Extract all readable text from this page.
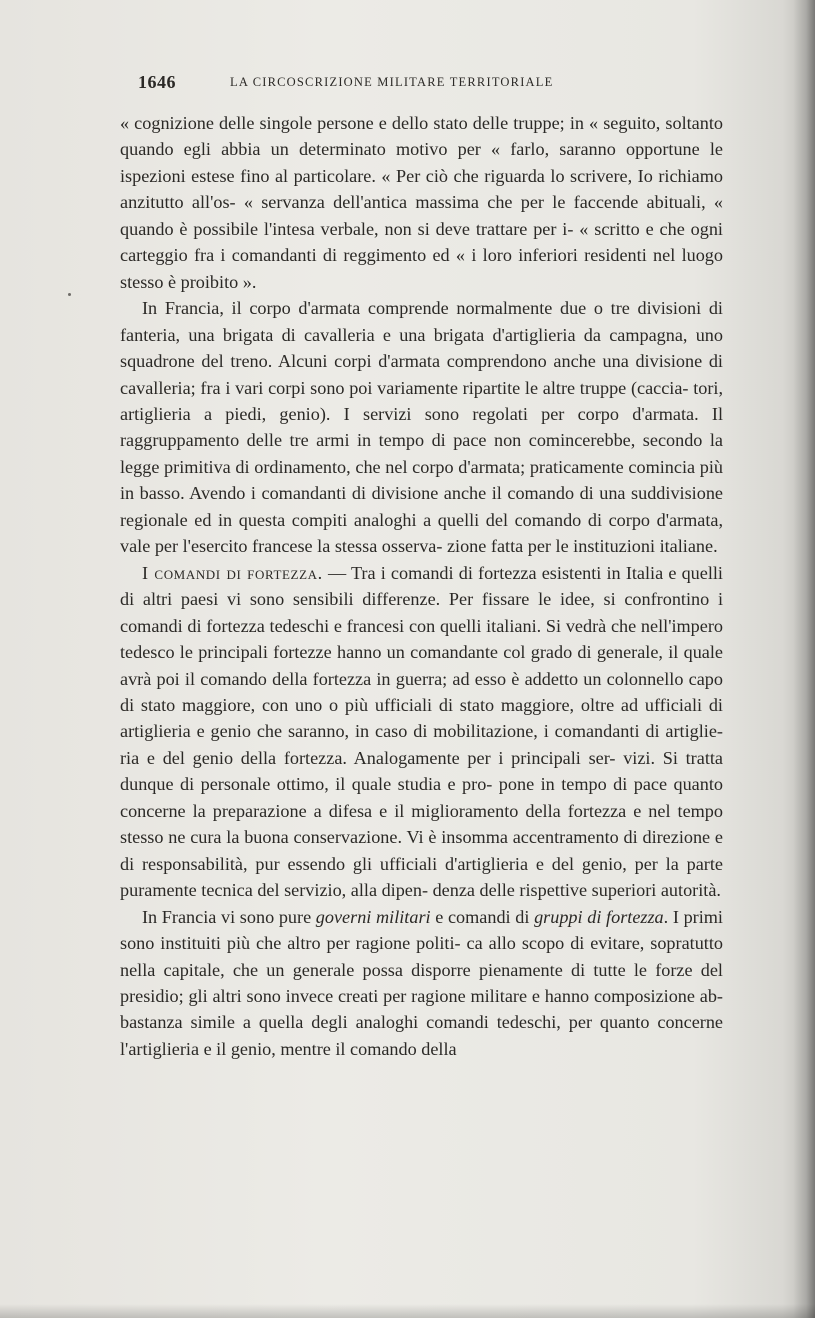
1646	LA CIRCOSCRIZIONE MILITARE TERRITORIALE

« cognizione delle singole persone e dello stato delle truppe; in « seguito, soltanto quando egli abbia un determinato motivo per « farlo, saranno opportune le ispezioni estese fino al particolare. « Per ciò che riguarda lo scrivere, Io richiamo anzitutto all'os- « servanza dell'antica massima che per le faccende abituali, « quando è possibile l'intesa verbale, non si deve trattare per i- « scritto e che ogni carteggio fra i comandanti di reggimento ed « i loro inferiori residenti nel luogo stesso è proibito ».

In Francia, il corpo d'armata comprende normalmente due o tre divisioni di fanteria, una brigata di cavalleria e una brigata d'artiglieria da campagna, uno squadrone del treno. Alcuni corpi d'armata comprendono anche una divisione di cavalleria; fra i vari corpi sono poi variamente ripartite le altre truppe (caccia- tori, artiglieria a piedi, genio). I servizi sono regolati per corpo d'armata. Il raggruppamento delle tre armi in tempo di pace non comincerebbe, secondo la legge primitiva di ordinamento, che nel corpo d'armata; praticamente comincia più in basso. Avendo i comandanti di divisione anche il comando di una suddivisione regionale ed in questa compiti analoghi a quelli del comando di corpo d'armata, vale per l'esercito francese la stessa osserva- zione fatta per le instituzioni italiane.

I comandi di fortezza. — Tra i comandi di fortezza esistenti in Italia e quelli di altri paesi vi sono sensibili differenze. Per fissare le idee, si confrontino i comandi di fortezza tedeschi e francesi con quelli italiani. Si vedrà che nell'impero tedesco le principali fortezze hanno un comandante col grado di generale, il quale avrà poi il comando della fortezza in guerra; ad esso è addetto un colonnello capo di stato maggiore, con uno o più ufficiali di stato maggiore, oltre ad ufficiali di artiglieria e genio che saranno, in caso di mobilitazione, i comandanti di artiglie- ria e del genio della fortezza. Analogamente per i principali ser- vizi. Si tratta dunque di personale ottimo, il quale studia e pro- pone in tempo di pace quanto concerne la preparazione a difesa e il miglioramento della fortezza e nel tempo stesso ne cura la buona conservazione. Vi è insomma accentramento di direzione e di responsabilità, pur essendo gli ufficiali d'artiglieria e del genio, per la parte puramente tecnica del servizio, alla dipen- denza delle rispettive superiori autorità.

In Francia vi sono pure governi militari e comandi di gruppi di fortezza. I primi sono instituiti più che altro per ragione politi- ca allo scopo di evitare, sopratutto nella capitale, che un generale possa disporre pienamente di tutte le forze del presidio; gli altri sono invece creati per ragione militare e hanno composizione ab- bastanza simile a quella degli analoghi comandi tedeschi, per quanto concerne l'artiglieria e il genio, mentre il comando della
